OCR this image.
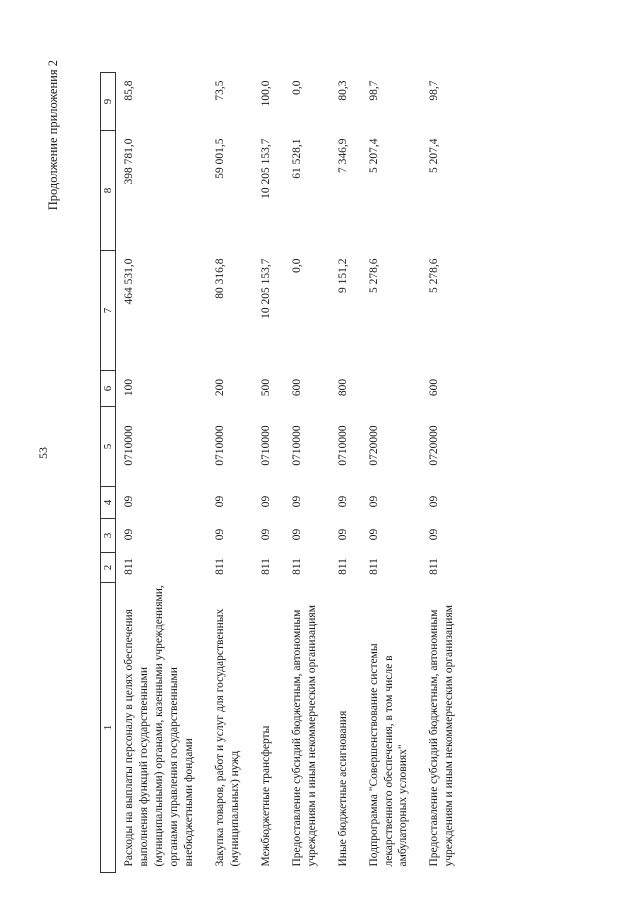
53
Продолжение приложения 2
1	2	3	4	5	6	7	8	9
Расходы на выплаты персоналу в целях обеспечения выполнения функций государственными (муниципальными) органами, казенными учреждениями, органами управления государственными внебюджетными фондами	811	09	09	0710000	100	464 531,0	398 781,0	85,8
Закупка товаров, работ и услуг для государственных (муниципальных) нужд	811	09	09	0710000	200	80 316,8	59 001,5	73,5
Межбюджетные трансферты	811	09	09	0710000	500	10 205 153,7	10 205 153,7	100,0
Предоставление субсидий бюджетным, автономным учреждениям и иным некоммерческим организациям	811	09	09	0710000	600	0,0	61 528,1	0,0
Иные бюджетные ассигнования	811	09	09	0710000	800	9 151,2	7 346,9	80,3
Подпрограмма "Совершенствование системы лекарственного обеспечения, в том числе в амбулаторных условиях"	811	09	09	0720000		5 278,6	5 207,4	98,7
Предоставление субсидий бюджетным, автономным учреждениям и иным некоммерческим организациям	811	09	09	0720000	600	5 278,6	5 207,4	98,7
